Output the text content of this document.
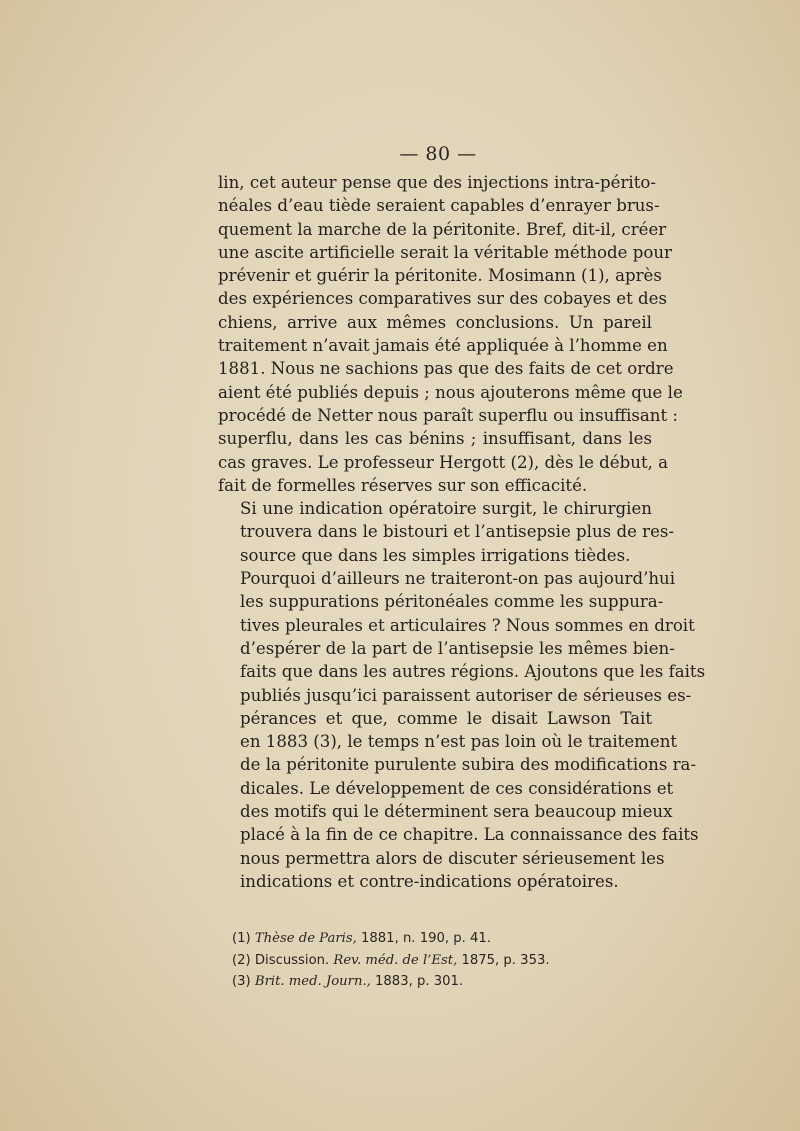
— 80 —

lin, cet auteur pense que des injections intra-périto-
néales d’eau tiède seraient capables d’enrayer brus-
quement la marche de la péritonite. Bref, dit-il, créer
une ascite artificielle serait la véritable méthode pour
prévenir et guérir la péritonite. Mosimann (1), après
des expériences comparatives sur des cobayes et des
chiens, arrive aux mêmes conclusions. Un pareil
traitement n’avait jamais été appliquée à l’homme en
1881. Nous ne sachions pas que des faits de cet ordre
aient été publiés depuis ; nous ajouterons même que le
procédé de Netter nous paraît superflu ou insuffisant :
superflu, dans les cas bénins ; insuffisant, dans les
cas graves. Le professeur Hergott (2), dès le début, a
fait de formelles réserves sur son efficacité.

Si une indication opératoire surgit, le chirurgien
trouvera dans le bistouri et l’antisepsie plus de res-
source que dans les simples irrigations tièdes.

Pourquoi d’ailleurs ne traiteront-on pas aujourd’hui
les suppurations péritonéales comme les suppura-
tives pleurales et articulaires ? Nous sommes en droit
d’espérer de la part de l’antisepsie les mêmes bien-
faits que dans les autres régions. Ajoutons que les faits
publiés jusqu’ici paraissent autoriser de sérieuses es-
pérances et que, comme le disait Lawson Tait
en 1883 (3), le temps n’est pas loin où le traitement
de la péritonite purulente subira des modifications ra-
dicales. Le développement de ces considérations et
des motifs qui le déterminent sera beaucoup mieux
placé à la fin de ce chapitre. La connaissance des faits
nous permettra alors de discuter sérieusement les
indications et contre-indications opératoires.

(1) Thèse de Paris, 1881, n. 190, p. 41.
(2) Discussion. Rev. méd. de l’Est, 1875, p. 353.
(3) Brit. med. Journ., 1883, p. 301.
